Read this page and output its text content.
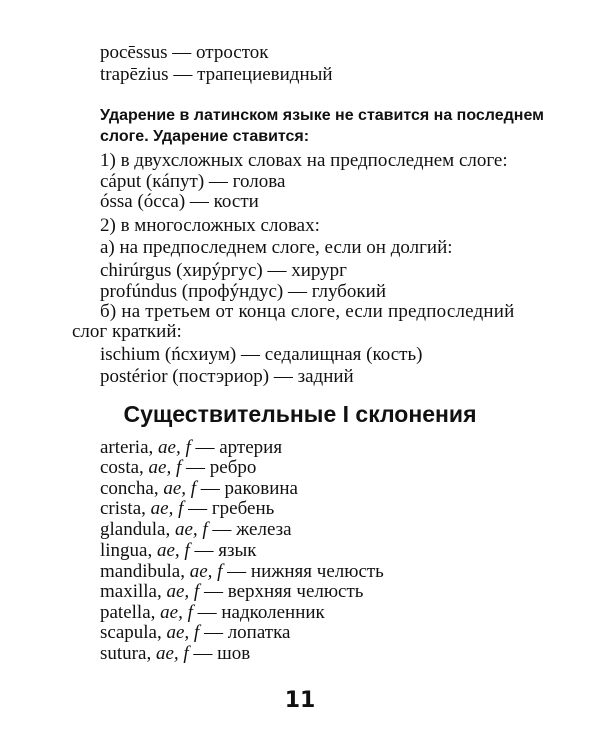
pocēssus — отросток
trapēzius — трапециевидный
Ударение в латинском языке не ставится на последнем
слоге. Ударение ставится:
1) в двухсложных словах на предпоследнем слоге:
cáput (кáпут) — голова
óssa (óсса) — кости
2) в многосложных словах:
а) на предпоследнем слоге, если он долгий:
chirúrgus (хирýргус) — хирург
profúndus (профýндус) — глубокий
б) на третьем от конца слоге, если предпоследний
слог краткий:
ischium (ńсхиум) — седалищная (кость)
postérior (постэриор) — задний
Существительные I склонения
arteria, ae, f — артерия
costa, ae, f — ребро
concha, ae, f — раковина
crista, ae, f — гребень
glandula, ae, f — железа
lingua, ae, f — язык
mandibula, ae, f — нижняя челюсть
maxilla, ae, f — верхняя челюсть
patella, ae, f — надколенник
scapula, ae, f — лопатка
sutura, ae, f — шов
11
